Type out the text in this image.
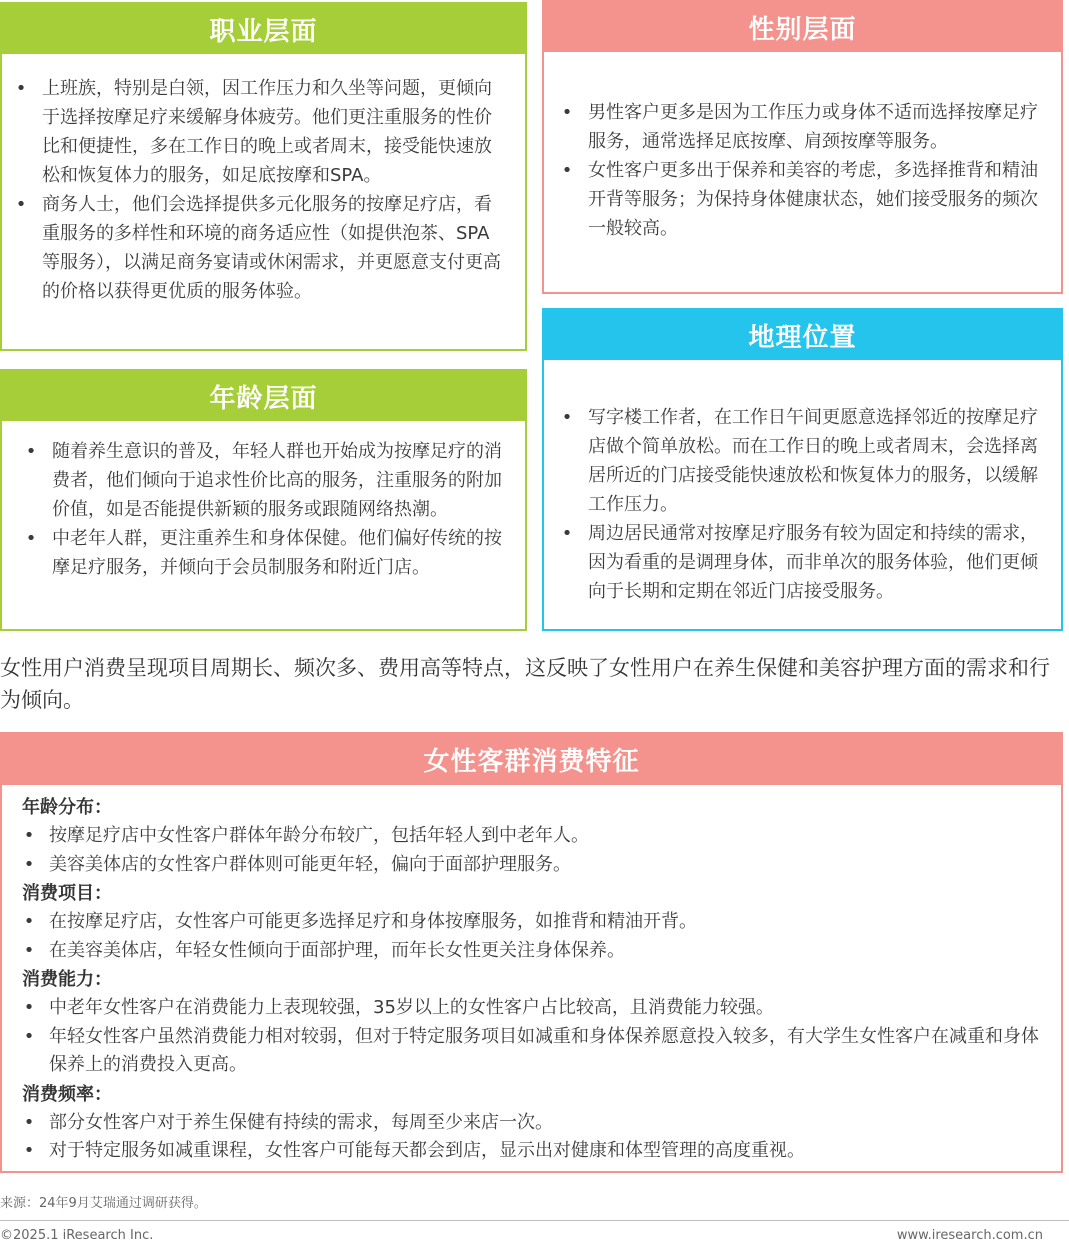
职业层面
• 上班族，特别是白领，因工作压力和久坐等问题，更倾向于选择按摩足疗来缓解身体疲劳。他们更注重服务的性价比和便捷性，多在工作日的晚上或者周末，接受能快速放松和恢复体力的服务，如足底按摩和SPA。
• 商务人士，他们会选择提供多元化服务的按摩足疗店，看重服务的多样性和环境的商务适应性（如提供泡茶、SPA等服务），以满足商务宴请或休闲需求，并更愿意支付更高的价格以获得更优质的服务体验。
性别层面
• 男性客户更多是因为工作压力或身体不适而选择按摩足疗服务，通常选择足底按摩、肩颈按摩等服务。
• 女性客户更多出于保养和美容的考虑，多选择推背和精油开背等服务；为保持身体健康状态，她们接受服务的频次一般较高。
年龄层面
• 随着养生意识的普及，年轻人群也开始成为按摩足疗的消费者，他们倾向于追求性价比高的服务，注重服务的附加价值，如是否能提供新颖的服务或跟随网络热潮。
• 中老年人群，更注重养生和身体保健。他们偏好传统的按摩足疗服务，并倾向于会员制服务和附近门店。
地理位置
• 写字楼工作者，在工作日午间更愿意选择邻近的按摩足疗店做个简单放松。而在工作日的晚上或者周末，会选择离居所近的门店接受能快速放松和恢复体力的服务，以缓解工作压力。
• 周边居民通常对按摩足疗服务有较为固定和持续的需求，因为看重的是调理身体，而非单次的服务体验，他们更倾向于长期和定期在邻近门店接受服务。
女性用户消费呈现项目周期长、频次多、费用高等特点，这反映了女性用户在养生保健和美容护理方面的需求和行为倾向。
女性客群消费特征
年龄分布：
• 按摩足疗店中女性客户群体年龄分布较广，包括年轻人到中老年人。
• 美容美体店的女性客户群体则可能更年轻，偏向于面部护理服务。
消费项目：
• 在按摩足疗店，女性客户可能更多选择足疗和身体按摩服务，如推背和精油开背。
• 在美容美体店，年轻女性倾向于面部护理，而年长女性更关注身体保养。
消费能力：
• 中老年女性客户在消费能力上表现较强，35岁以上的女性客户占比较高，且消费能力较强。
• 年轻女性客户虽然消费能力相对较弱，但对于特定服务项目如减重和身体保养愿意投入较多，有大学生女性客户在减重和身体保养上的消费投入更高。
消费频率：
• 部分女性客户对于养生保健有持续的需求，每周至少来店一次。
• 对于特定服务如减重课程，女性客户可能每天都会到店，显示出对健康和体型管理的高度重视。
来源：24年9月艾瑞通过调研获得。
©2025.1 iResearch Inc.	www.iresearch.com.cn
